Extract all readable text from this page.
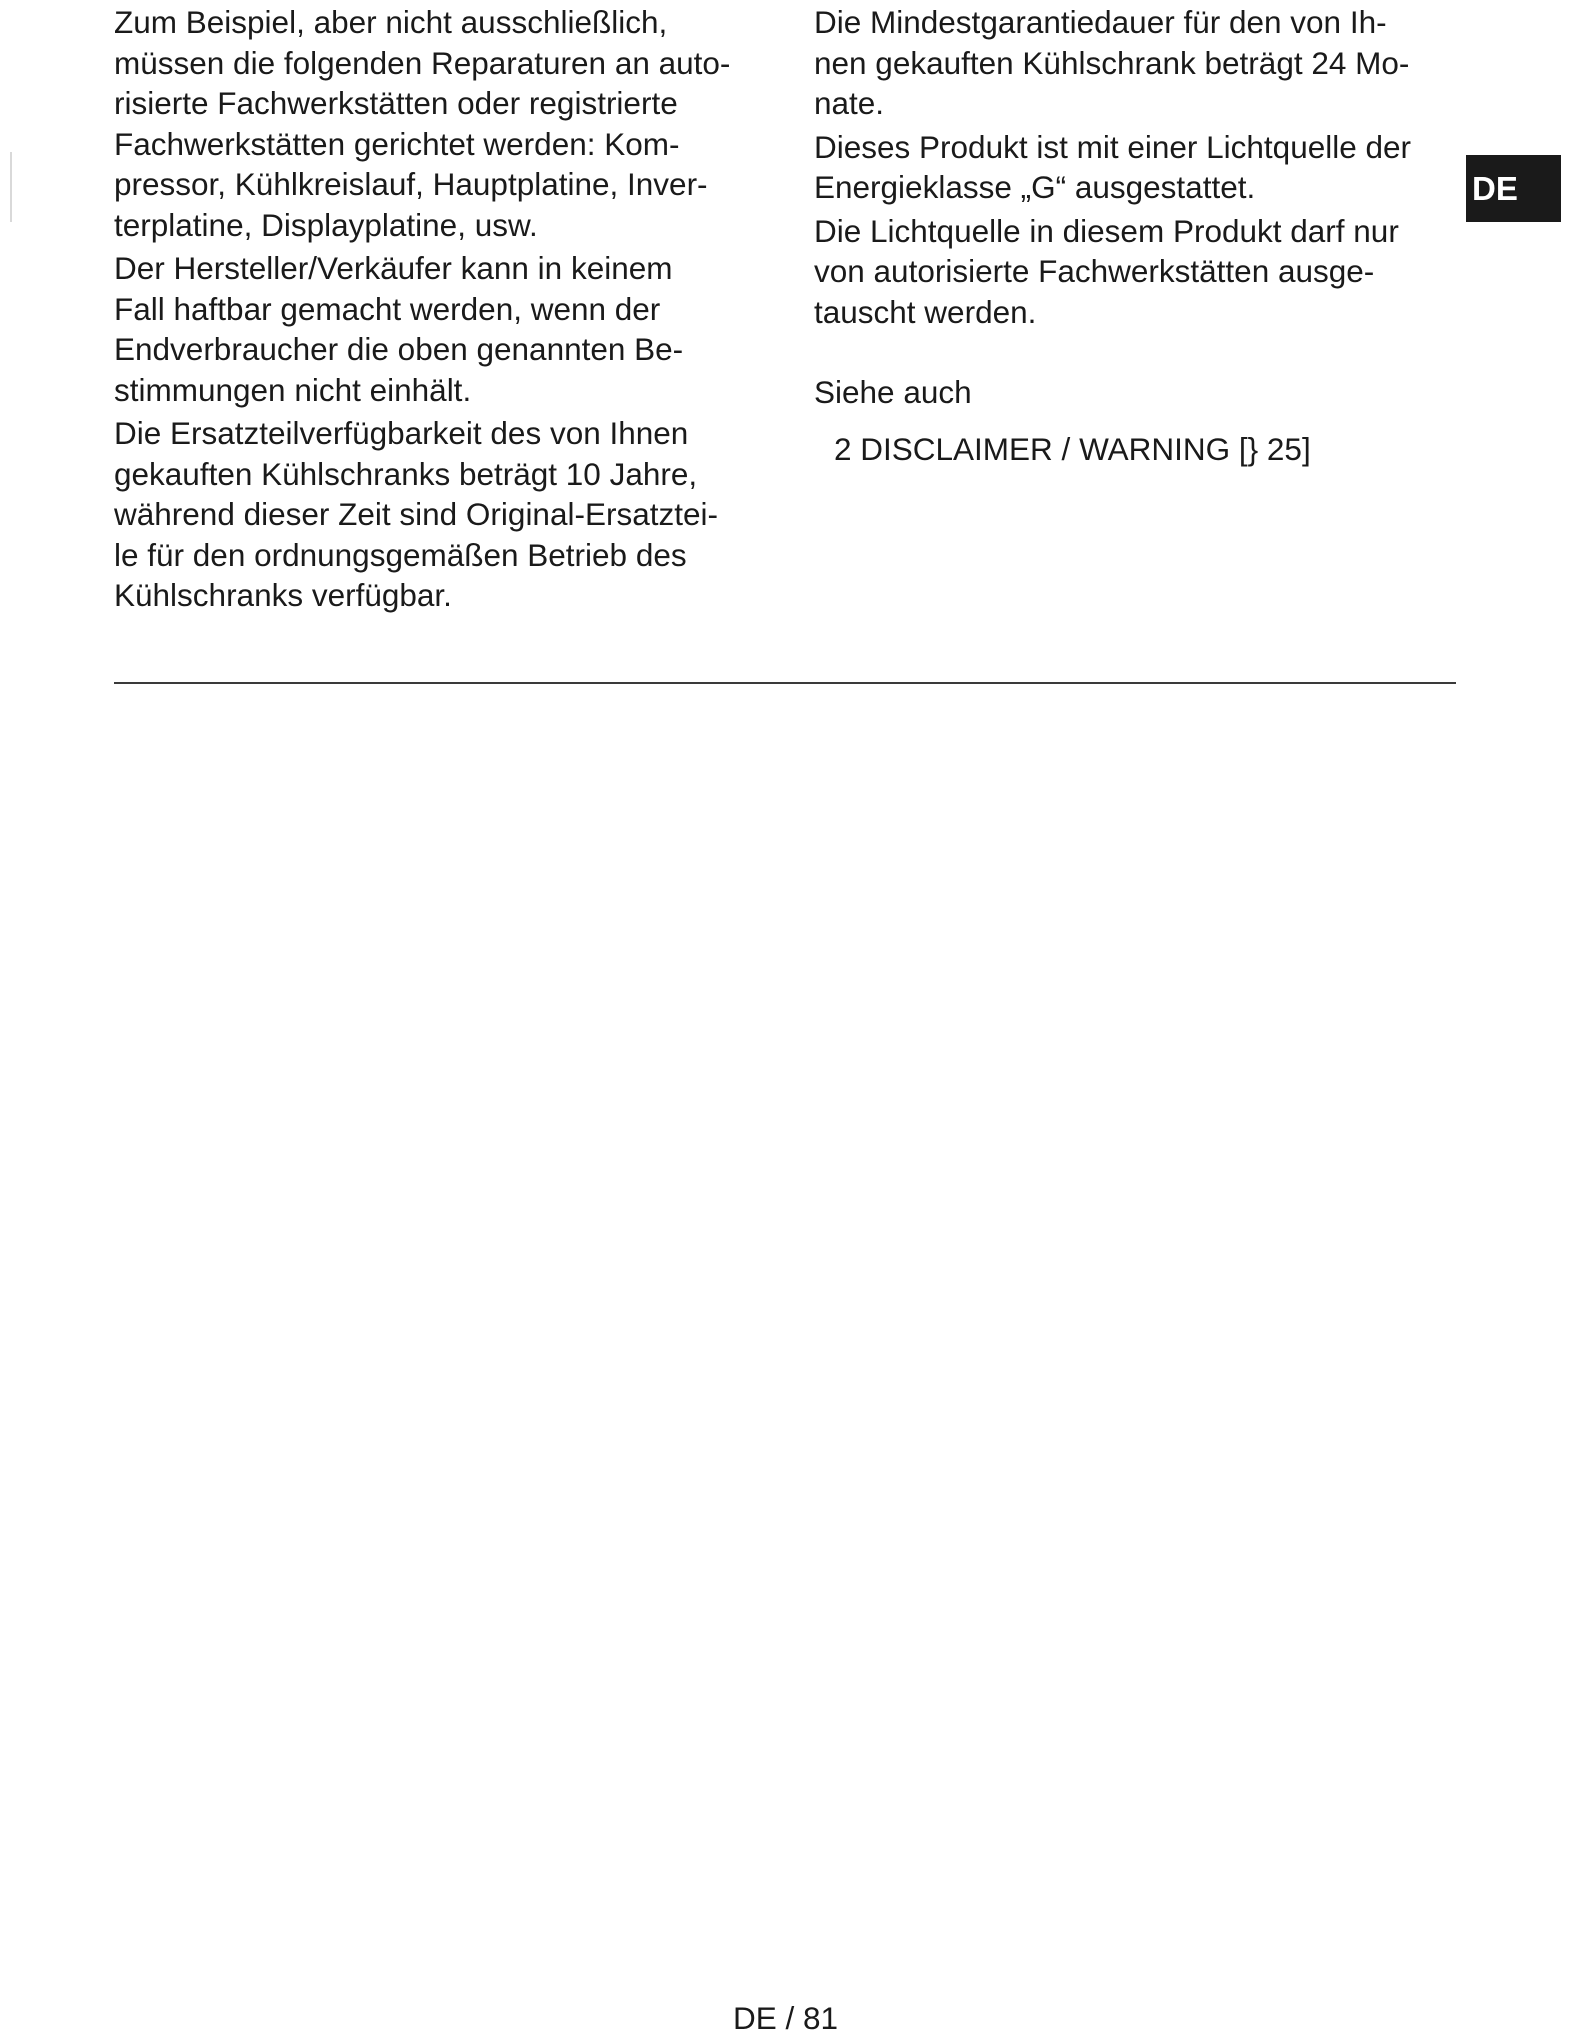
Zum Beispiel, aber nicht ausschließlich,
müssen die folgenden Reparaturen an auto-
risierte Fachwerkstätten oder registrierte
Fachwerkstätten gerichtet werden: Kom-
pressor, Kühlkreislauf, Hauptplatine, Inver-
terplatine, Displayplatine, usw.
Der Hersteller/Verkäufer kann in keinem
Fall haftbar gemacht werden, wenn der
Endverbraucher die oben genannten Be-
stimmungen nicht einhält.
Die Ersatzteilverfügbarkeit des von Ihnen
gekauften Kühlschranks beträgt 10 Jahre,
während dieser Zeit sind Original-Ersatztei-
le für den ordnungsgemäßen Betrieb des
Kühlschranks verfügbar.
Die Mindestgarantiedauer für den von Ih-
nen gekauften Kühlschrank beträgt 24 Mo-
nate.
Dieses Produkt ist mit einer Lichtquelle der
Energieklasse „G“ ausgestattet.
Die Lichtquelle in diesem Produkt darf nur
von autorisierte Fachwerkstätten ausge-
tauscht werden.
Siehe auch
2 DISCLAIMER / WARNING [} 25]
DE
DE / 81
